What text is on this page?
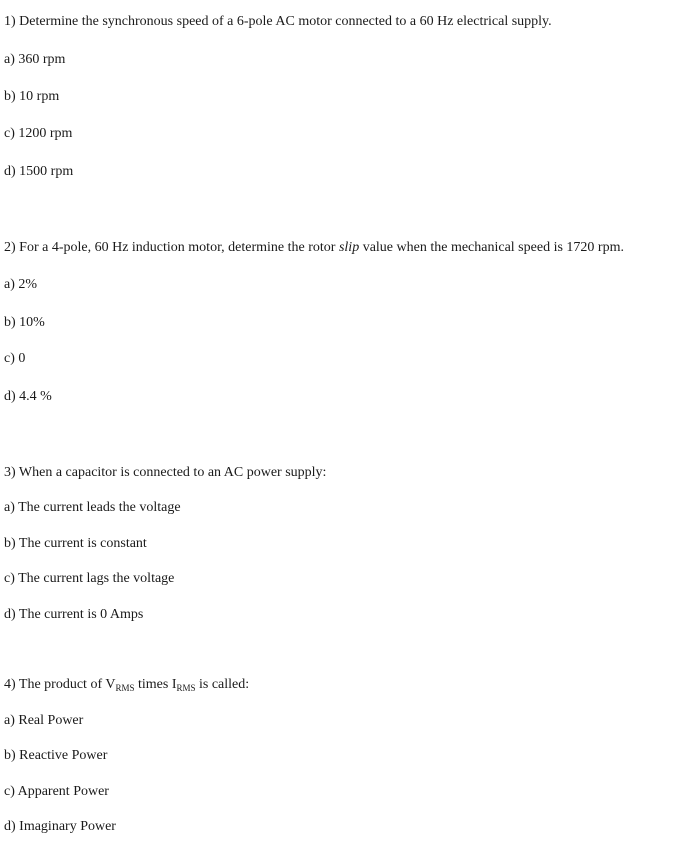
1) Determine the synchronous speed of a 6-pole AC motor connected to a 60 Hz electrical supply.
a) 360 rpm
b) 10 rpm
c) 1200 rpm
d) 1500 rpm
2) For a 4-pole, 60 Hz induction motor, determine the rotor slip value when the mechanical speed is 1720 rpm.
a) 2%
b) 10%
c) 0
d) 4.4 %
3) When a capacitor is connected to an AC power supply:
a) The current leads the voltage
b) The current is constant
c) The current lags the voltage
d) The current is 0 Amps
4) The product of $V_{RMS}$ times $I_{RMS}$ is called:
a) Real Power
b) Reactive Power
c) Apparent Power
d) Imaginary Power
